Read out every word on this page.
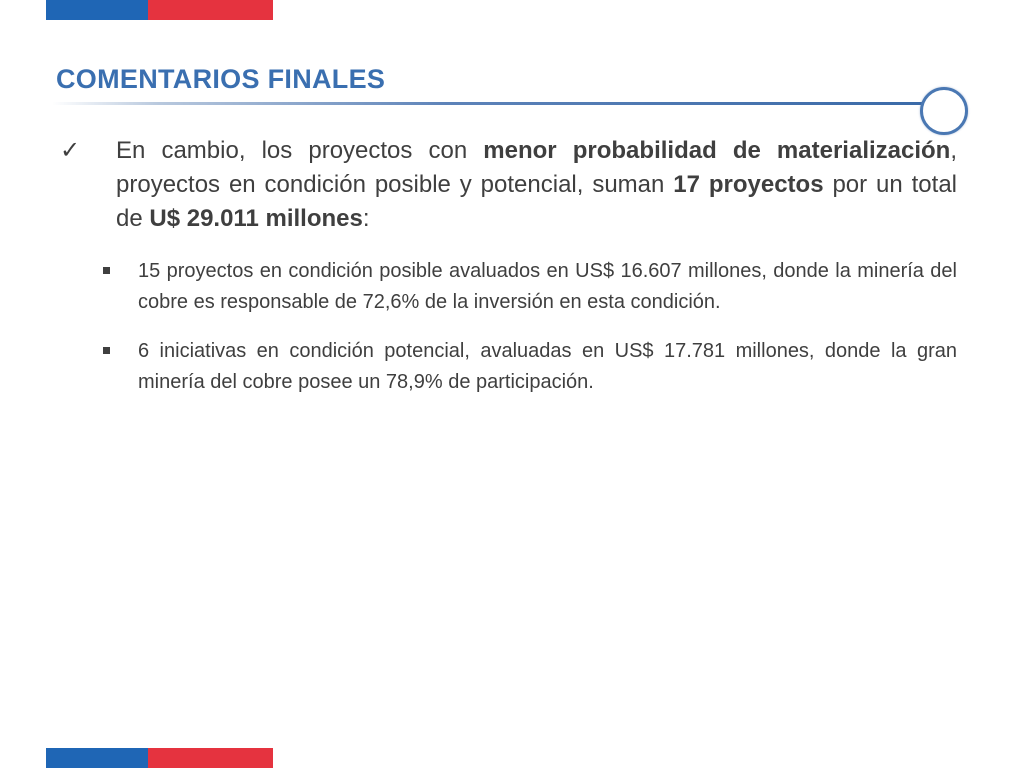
COMENTARIOS FINALES
✓ En cambio, los proyectos con menor probabilidad de materialización, proyectos en condición posible y potencial, suman 17 proyectos por un total de U$ 29.011 millones:

15 proyectos en condición posible avaluados en US$ 16.607 millones, donde la minería del cobre es responsable de 72,6% de la inversión en esta condición.

6 iniciativas en condición potencial, avaluadas en US$ 17.781 millones, donde la gran minería del cobre posee un 78,9% de participación.
